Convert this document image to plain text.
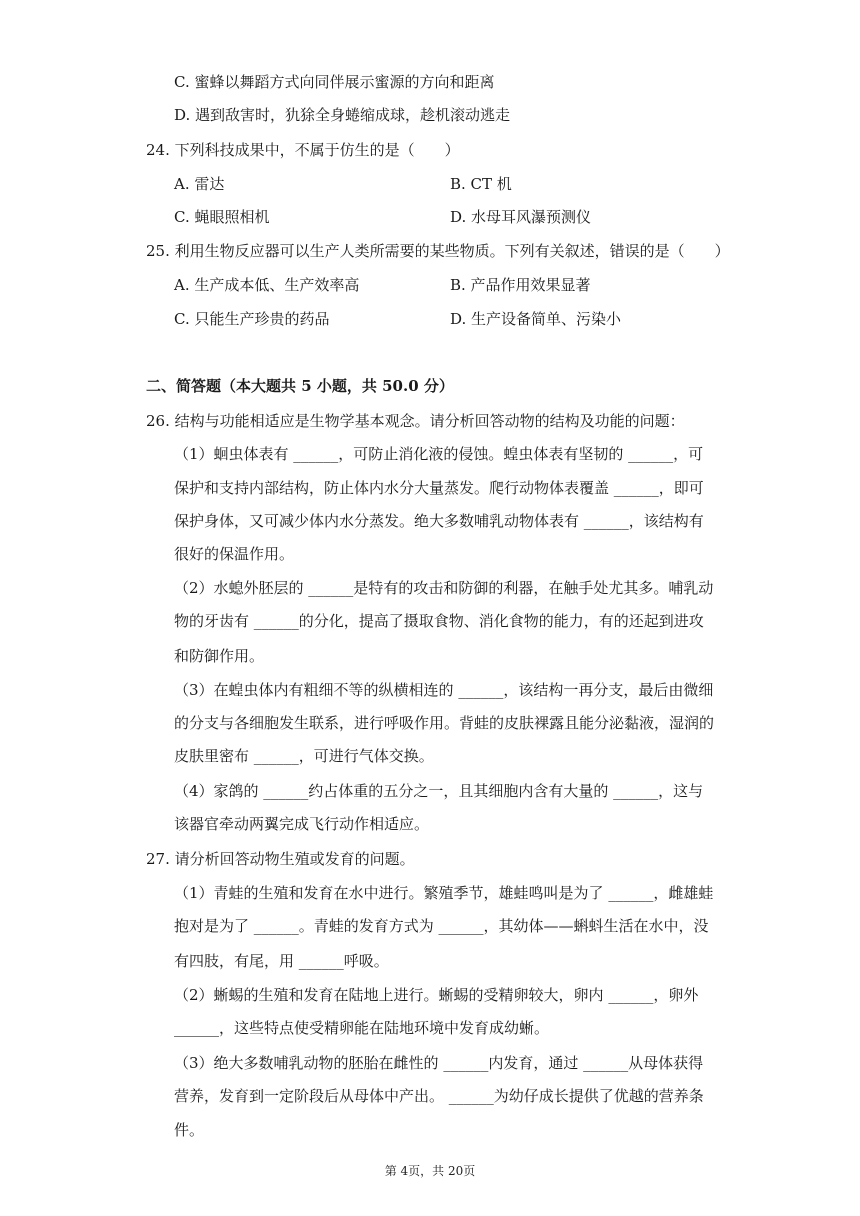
C. 蜜蜂以舞蹈方式向同伴展示蜜源的方向和距离
D. 遇到敌害时，犰狳全身蜷缩成球，趁机滚动逃走
24. 下列科技成果中，不属于仿生的是（　　）
A. 雷达	B. CT 机
C. 蝇眼照相机	D. 水母耳风瀑预测仪
25. 利用生物反应器可以生产人类所需要的某些物质。下列有关叙述，错误的是（　　）
A. 生产成本低、生产效率高	B. 产品作用效果显著
C. 只能生产珍贵的药品	D. 生产设备简单、污染小
二、简答题（本大题共 5 小题，共 50.0 分）
26. 结构与功能相适应是生物学基本观念。请分析回答动物的结构及功能的问题：
（1）蛔虫体表有 ______，可防止消化液的侵蚀。蝗虫体表有坚韧的 ______，可
保护和支持内部结构，防止体内水分大量蒸发。爬行动物体表覆盖 ______，即可
保护身体，又可减少体内水分蒸发。绝大多数哺乳动物体表有 ______，该结构有
很好的保温作用。
（2）水螅外胚层的 ______是特有的攻击和防御的利器，在触手处尤其多。哺乳动
物的牙齿有 ______的分化，提高了摄取食物、消化食物的能力，有的还起到进攻
和防御作用。
（3）在蝗虫体内有粗细不等的纵横相连的 ______，该结构一再分支，最后由微细
的分支与各细胞发生联系，进行呼吸作用。背蛙的皮肤裸露且能分泌黏液，湿润的
皮肤里密布 ______，可进行气体交换。
（4）家鸽的 ______约占体重的五分之一，且其细胞内含有大量的 ______，这与
该器官牵动两翼完成飞行动作相适应。
27. 请分析回答动物生殖或发育的问题。
（1）青蛙的生殖和发育在水中进行。繁殖季节，雄蛙鸣叫是为了 ______，雌雄蛙
抱对是为了 ______。青蛙的发育方式为 ______，其幼体——蝌蚪生活在水中，没
有四肢，有尾，用 ______呼吸。
（2）蜥蜴的生殖和发育在陆地上进行。蜥蜴的受精卵较大，卵内 ______，卵外
______，这些特点使受精卵能在陆地环境中发育成幼蜥。
（3）绝大多数哺乳动物的胚胎在雌性的 ______内发育，通过 ______从母体获得
营养，发育到一定阶段后从母体中产出。 ______为幼仔成长提供了优越的营养条
件。
第 4页，共 20页
